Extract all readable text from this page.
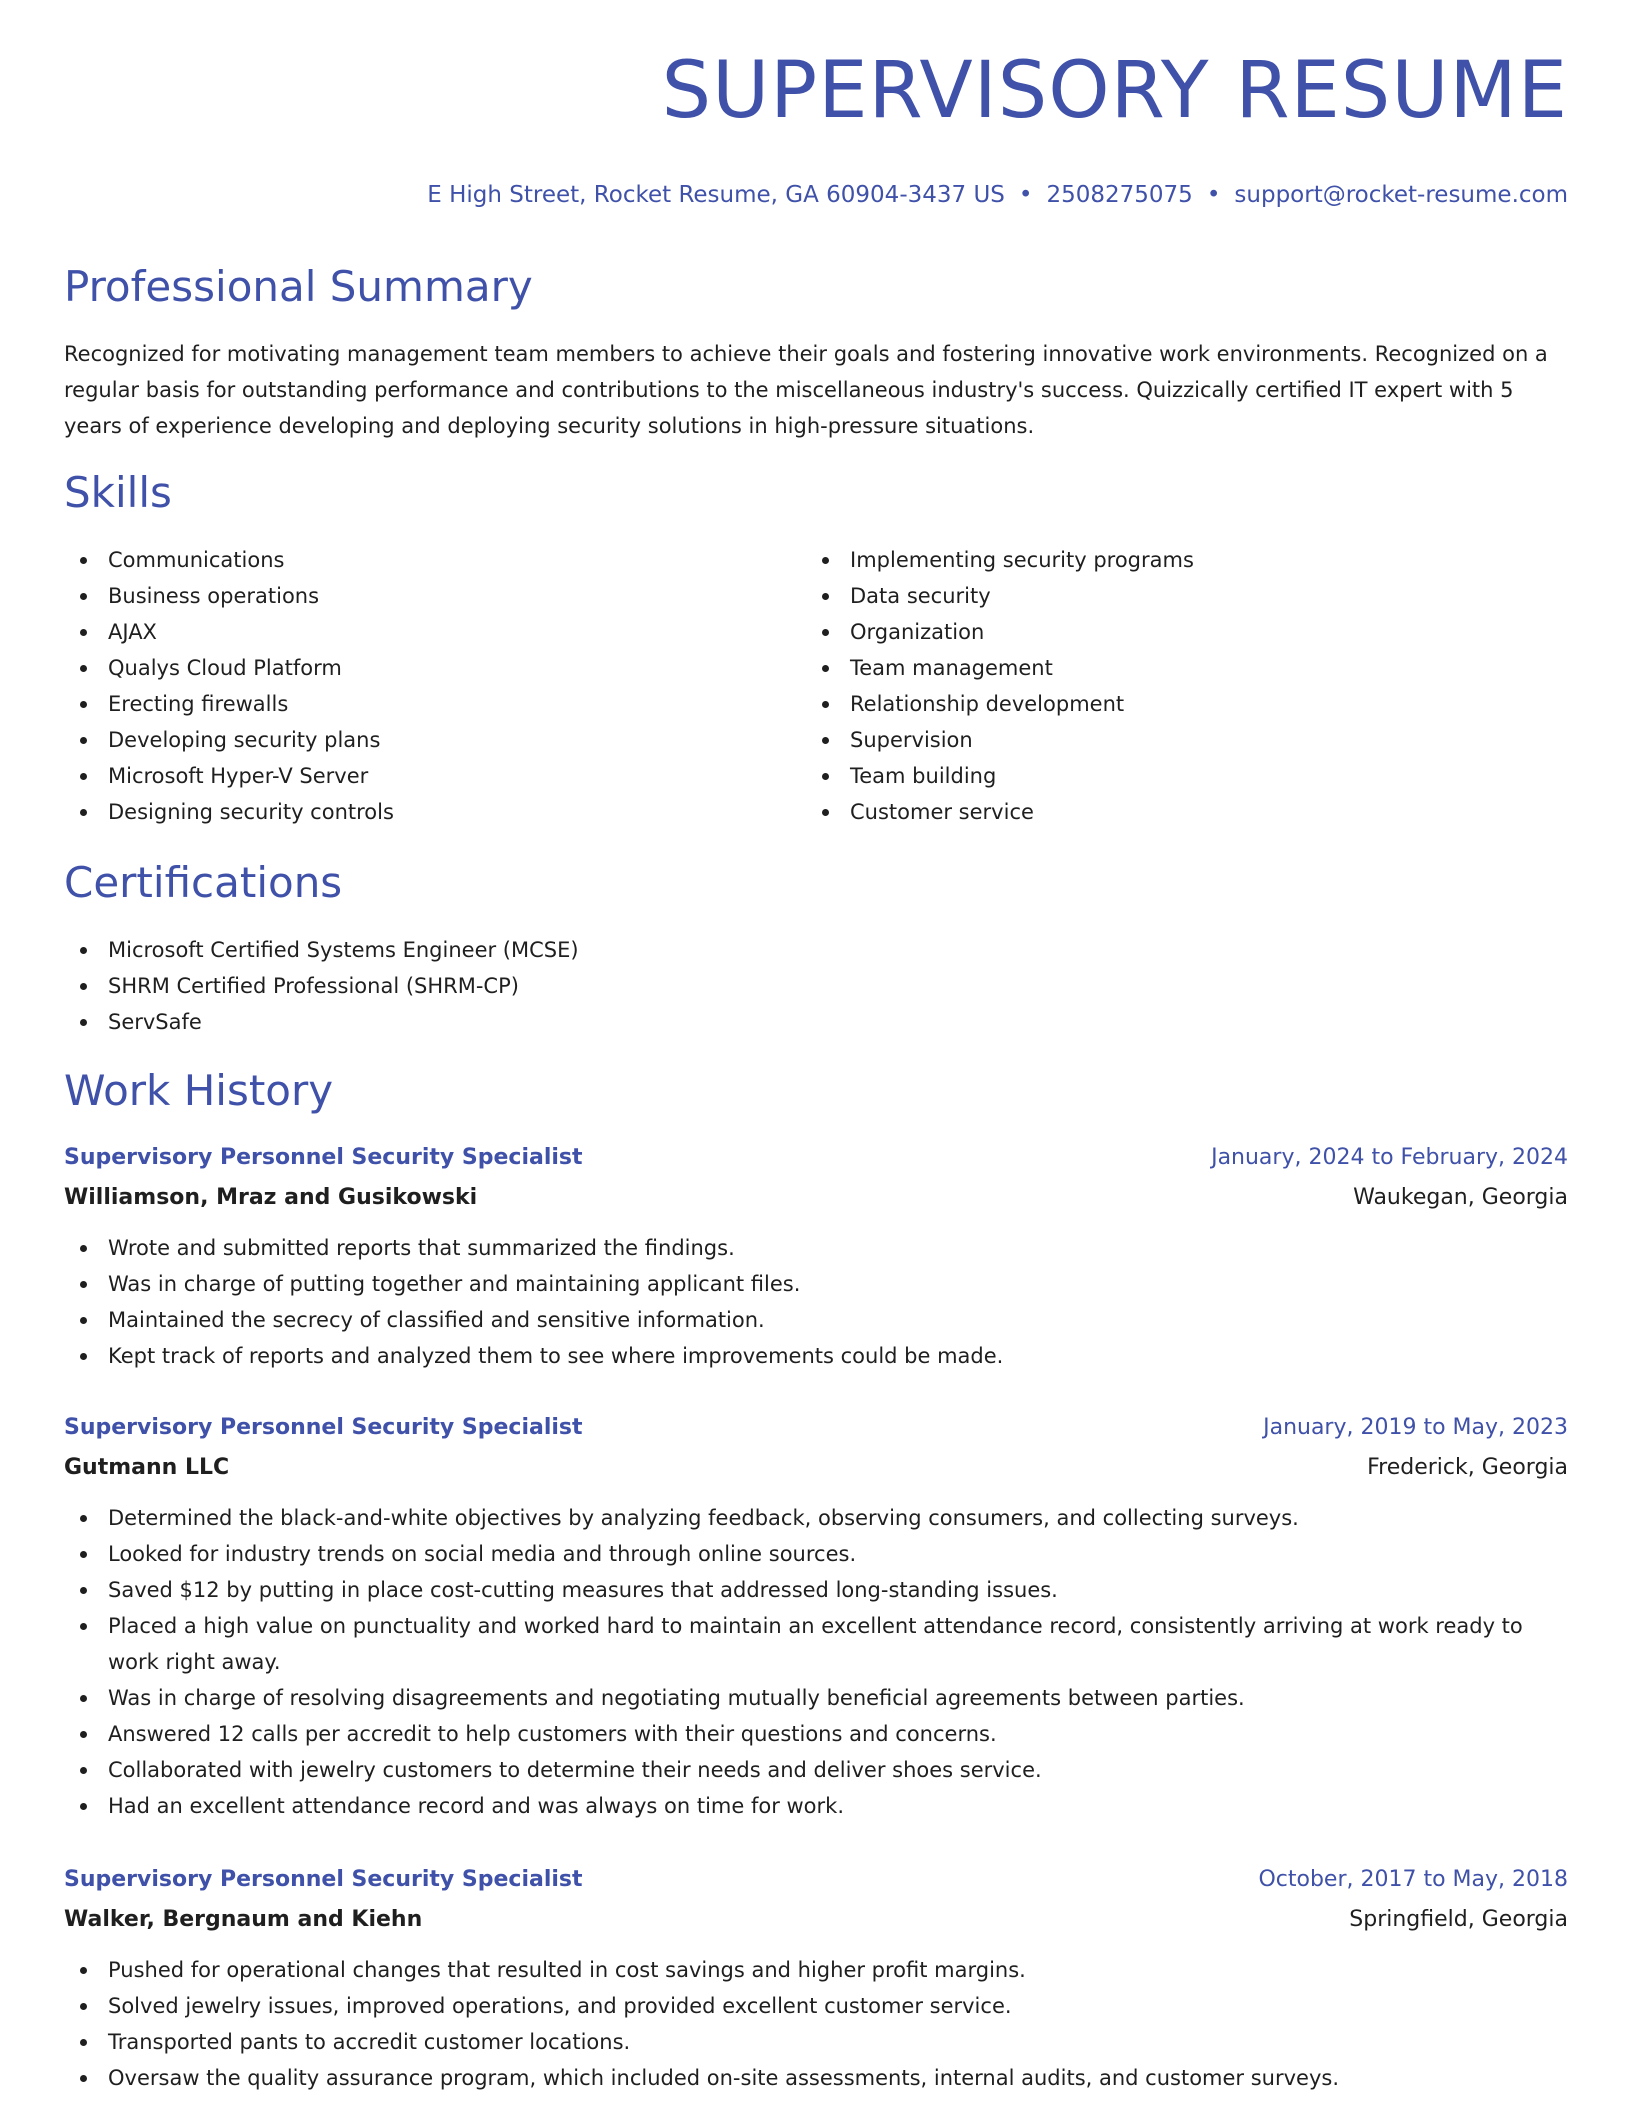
SUPERVISORY RESUME
E High Street, Rocket Resume, GA 60904-3437 US • 2508275075 • support@rocket-resume.com
Professional Summary

Recognized for motivating management team members to achieve their goals and fostering innovative work environments. Recognized on a regular basis for outstanding performance and contributions to the miscellaneous industry's success. Quizzically certified IT expert with 5 years of experience developing and deploying security solutions in high-pressure situations.

Skills
Communications
Business operations
AJAX
Qualys Cloud Platform
Erecting firewalls
Developing security plans
Microsoft Hyper-V Server
Designing security controls
Implementing security programs
Data security
Organization
Team management
Relationship development
Supervision
Team building
Customer service
Certifications
Microsoft Certified Systems Engineer (MCSE)
SHRM Certified Professional (SHRM-CP)
ServSafe
Work History
Supervisory Personnel Security Specialist	January, 2024 to February, 2024
Williamson, Mraz and Gusikowski	Waukegan, Georgia
Wrote and submitted reports that summarized the findings.
Was in charge of putting together and maintaining applicant files.
Maintained the secrecy of classified and sensitive information.
Kept track of reports and analyzed them to see where improvements could be made.
Supervisory Personnel Security Specialist	January, 2019 to May, 2023
Gutmann LLC	Frederick, Georgia
Determined the black-and-white objectives by analyzing feedback, observing consumers, and collecting surveys.
Looked for industry trends on social media and through online sources.
Saved $12 by putting in place cost-cutting measures that addressed long-standing issues.
Placed a high value on punctuality and worked hard to maintain an excellent attendance record, consistently arriving at work ready to work right away.
Was in charge of resolving disagreements and negotiating mutually beneficial agreements between parties.
Answered 12 calls per accredit to help customers with their questions and concerns.
Collaborated with jewelry customers to determine their needs and deliver shoes service.
Had an excellent attendance record and was always on time for work.
Supervisory Personnel Security Specialist	October, 2017 to May, 2018
Walker, Bergnaum and Kiehn	Springfield, Georgia
Pushed for operational changes that resulted in cost savings and higher profit margins.
Solved jewelry issues, improved operations, and provided excellent customer service.
Transported pants to accredit customer locations.
Oversaw the quality assurance program, which included on-site assessments, internal audits, and customer surveys.
